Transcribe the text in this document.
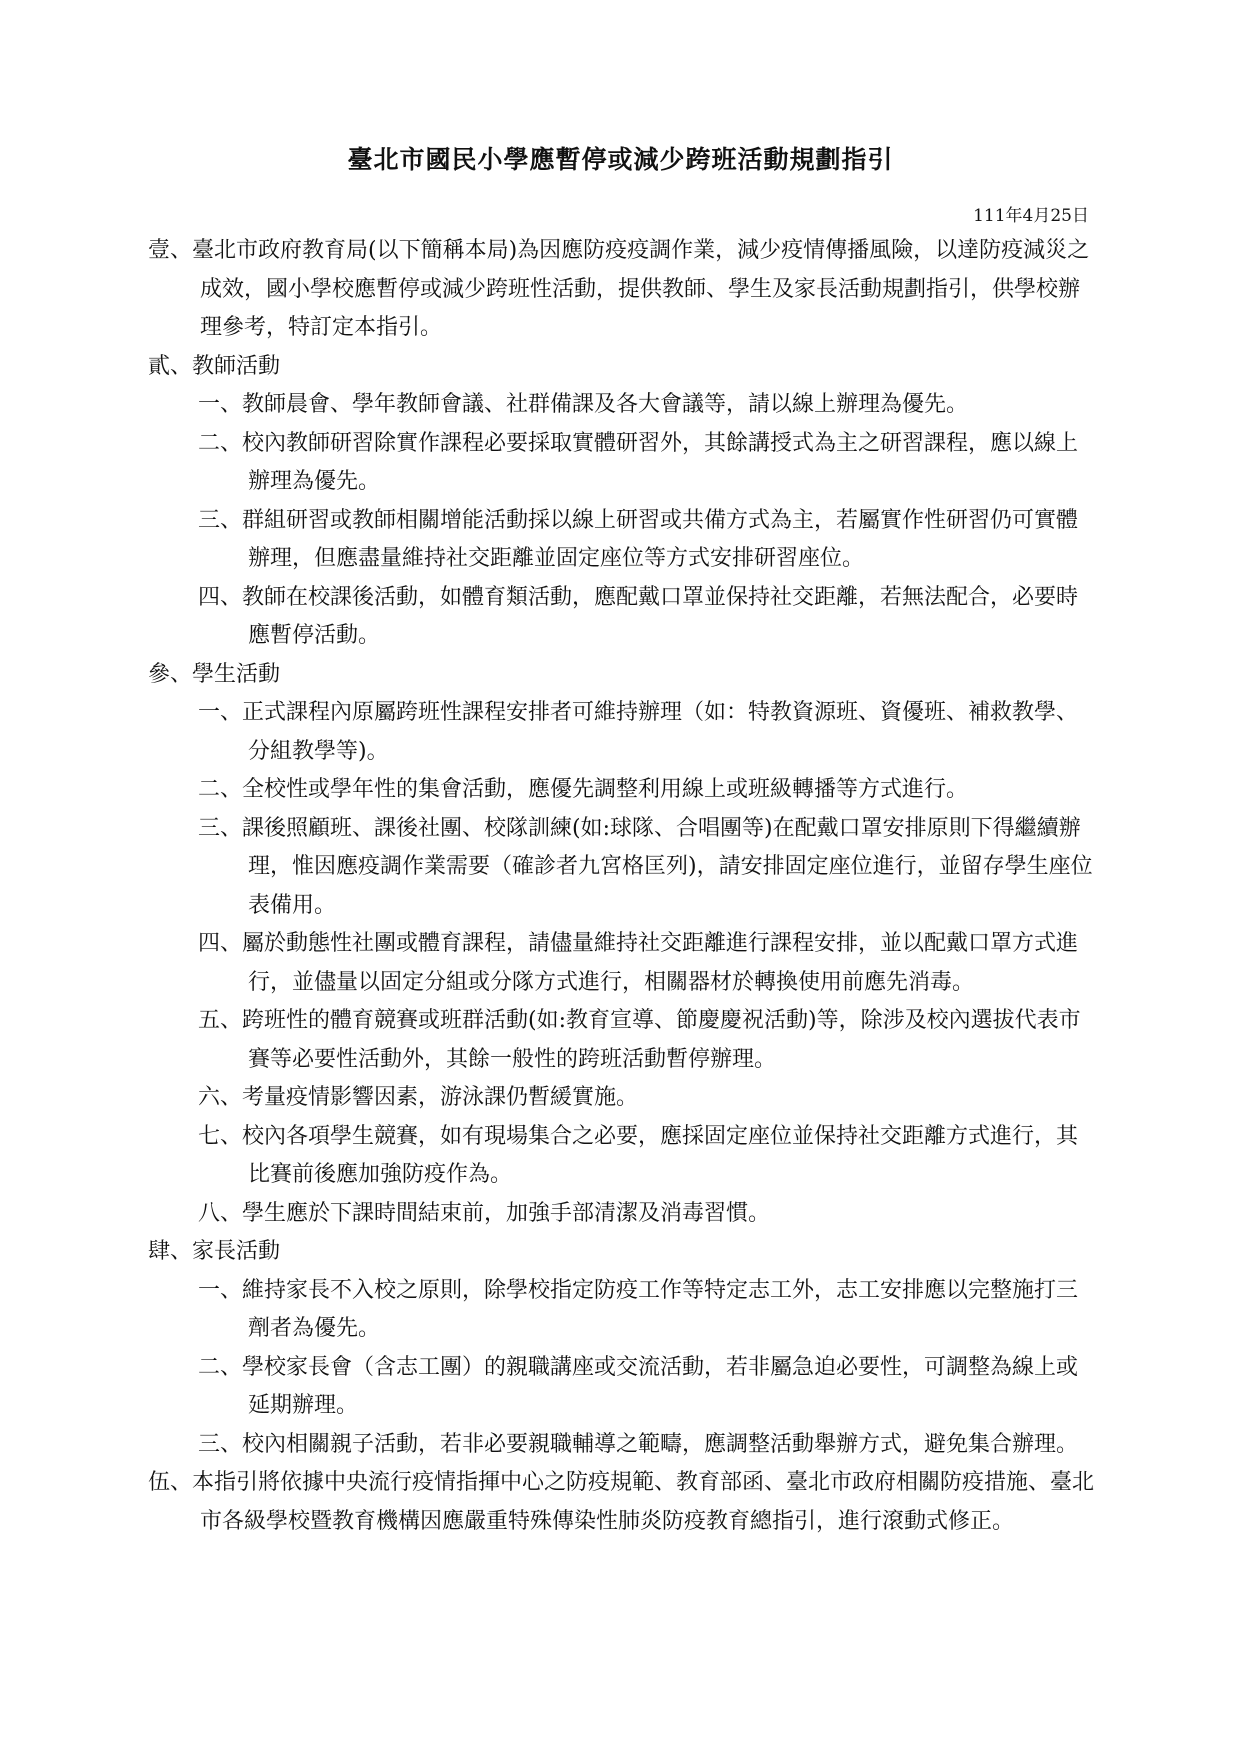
臺北市國民小學應暫停或減少跨班活動規劃指引
111年4月25日

壹、臺北市政府教育局(以下簡稱本局)為因應防疫疫調作業，減少疫情傳播風險，以達防疫減災之成效，國小學校應暫停或減少跨班性活動，提供教師、學生及家長活動規劃指引，供學校辦理參考，特訂定本指引。

貳、教師活動

一、教師晨會、學年教師會議、社群備課及各大會議等，請以線上辦理為優先。

二、校內教師研習除實作課程必要採取實體研習外，其餘講授式為主之研習課程，應以線上辦理為優先。

三、群組研習或教師相關增能活動採以線上研習或共備方式為主，若屬實作性研習仍可實體辦理，但應盡量維持社交距離並固定座位等方式安排研習座位。

四、教師在校課後活動，如體育類活動，應配戴口罩並保持社交距離，若無法配合，必要時應暫停活動。

參、學生活動

一、正式課程內原屬跨班性課程安排者可維持辦理（如：特教資源班、資優班、補救教學、分組教學等)。

二、全校性或學年性的集會活動，應優先調整利用線上或班級轉播等方式進行。

三、課後照顧班、課後社團、校隊訓練(如:球隊、合唱團等)在配戴口罩安排原則下得繼續辦理，惟因應疫調作業需要（確診者九宮格匡列)，請安排固定座位進行，並留存學生座位表備用。

四、屬於動態性社團或體育課程，請儘量維持社交距離進行課程安排，並以配戴口罩方式進行，並儘量以固定分組或分隊方式進行，相關器材於轉換使用前應先消毒。

五、跨班性的體育競賽或班群活動(如:教育宣導、節慶慶祝活動)等，除涉及校內選拔代表市賽等必要性活動外，其餘一般性的跨班活動暫停辦理。

六、考量疫情影響因素，游泳課仍暫緩實施。

七、校內各項學生競賽，如有現場集合之必要，應採固定座位並保持社交距離方式進行，其比賽前後應加強防疫作為。

八、學生應於下課時間結束前，加強手部清潔及消毒習慣。

肆、家長活動

一、維持家長不入校之原則，除學校指定防疫工作等特定志工外，志工安排應以完整施打三劑者為優先。

二、學校家長會（含志工團）的親職講座或交流活動，若非屬急迫必要性，可調整為線上或延期辦理。

三、校內相關親子活動，若非必要親職輔導之範疇，應調整活動舉辦方式，避免集合辦理。

伍、本指引將依據中央流行疫情指揮中心之防疫規範、教育部函、臺北市政府相關防疫措施、臺北市各級學校暨教育機構因應嚴重特殊傳染性肺炎防疫教育總指引，進行滾動式修正。
